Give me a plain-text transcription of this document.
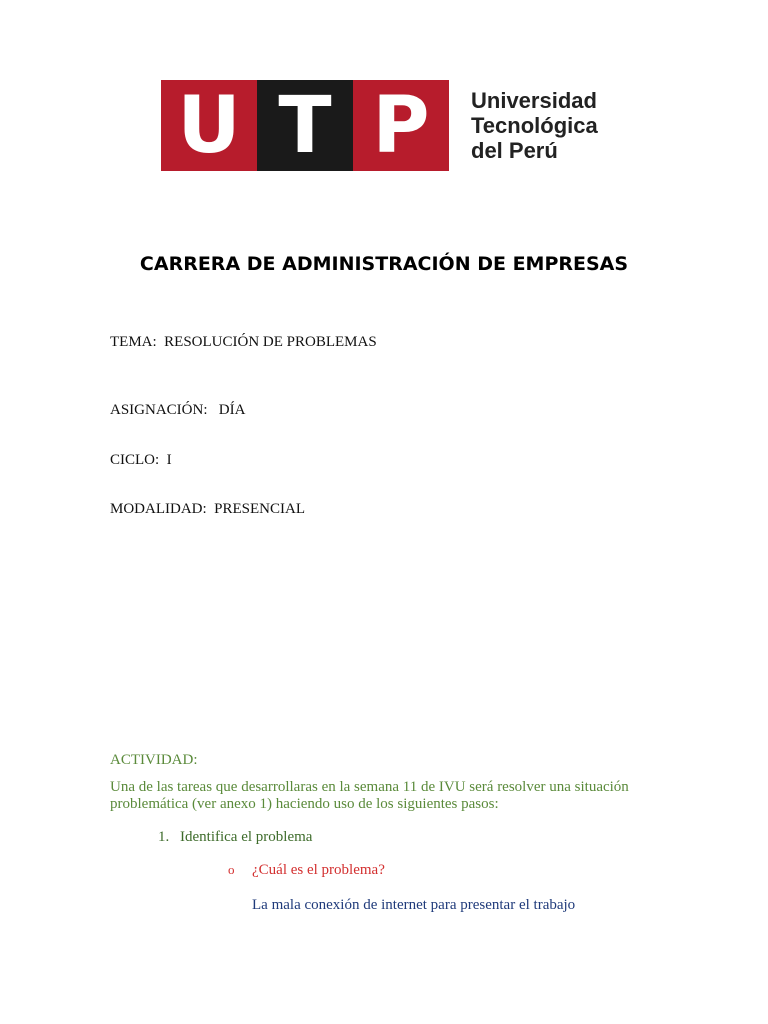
U T P	Universidad
Tecnológica
del Perú
CARRERA DE ADMINISTRACIÓN DE EMPRESAS
TEMA:  RESOLUCIÓN DE PROBLEMAS
ASIGNACIÓN:   DÍA
CICLO:  I
MODALIDAD:  PRESENCIAL
ACTIVIDAD:
Una de las tareas que desarrollaras en la semana 11 de IVU será resolver una situación problemática (ver anexo 1) haciendo uso de los siguientes pasos:
1. Identifica el problema
o ¿Cuál es el problema?
La mala conexión de internet para presentar el trabajo
